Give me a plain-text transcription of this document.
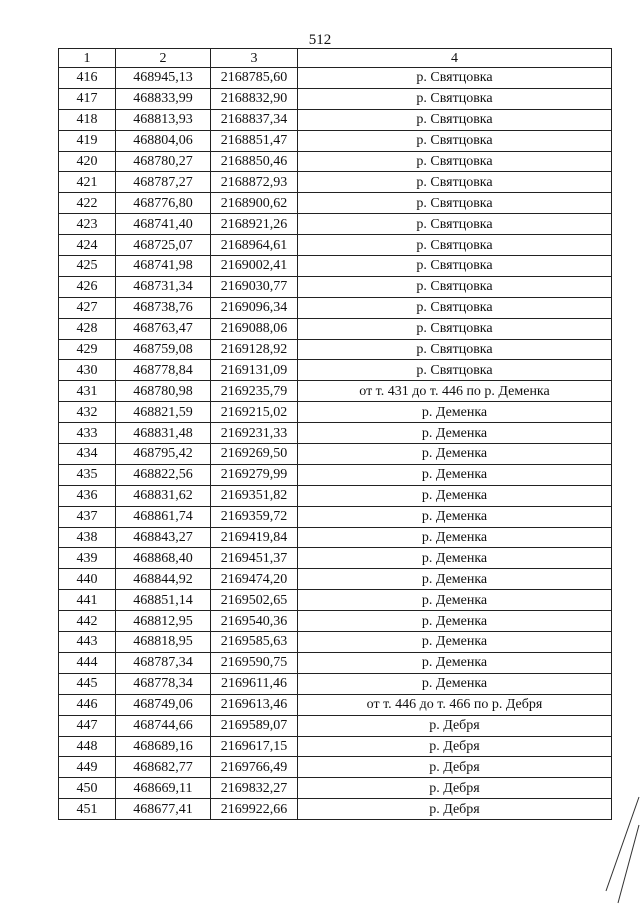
512
1	2	3	4
416	468945,13	2168785,60	р. Святцовка
417	468833,99	2168832,90	р. Святцовка
418	468813,93	2168837,34	р. Святцовка
419	468804,06	2168851,47	р. Святцовка
420	468780,27	2168850,46	р. Святцовка
421	468787,27	2168872,93	р. Святцовка
422	468776,80	2168900,62	р. Святцовка
423	468741,40	2168921,26	р. Святцовка
424	468725,07	2168964,61	р. Святцовка
425	468741,98	2169002,41	р. Святцовка
426	468731,34	2169030,77	р. Святцовка
427	468738,76	2169096,34	р. Святцовка
428	468763,47	2169088,06	р. Святцовка
429	468759,08	2169128,92	р. Святцовка
430	468778,84	2169131,09	р. Святцовка
431	468780,98	2169235,79	от т. 431 до т. 446 по р. Деменка
432	468821,59	2169215,02	р. Деменка
433	468831,48	2169231,33	р. Деменка
434	468795,42	2169269,50	р. Деменка
435	468822,56	2169279,99	р. Деменка
436	468831,62	2169351,82	р. Деменка
437	468861,74	2169359,72	р. Деменка
438	468843,27	2169419,84	р. Деменка
439	468868,40	2169451,37	р. Деменка
440	468844,92	2169474,20	р. Деменка
441	468851,14	2169502,65	р. Деменка
442	468812,95	2169540,36	р. Деменка
443	468818,95	2169585,63	р. Деменка
444	468787,34	2169590,75	р. Деменка
445	468778,34	2169611,46	р. Деменка
446	468749,06	2169613,46	от т. 446 до т. 466 по р. Дебря
447	468744,66	2169589,07	р. Дебря
448	468689,16	2169617,15	р. Дебря
449	468682,77	2169766,49	р. Дебря
450	468669,11	2169832,27	р. Дебря
451	468677,41	2169922,66	р. Дебря
